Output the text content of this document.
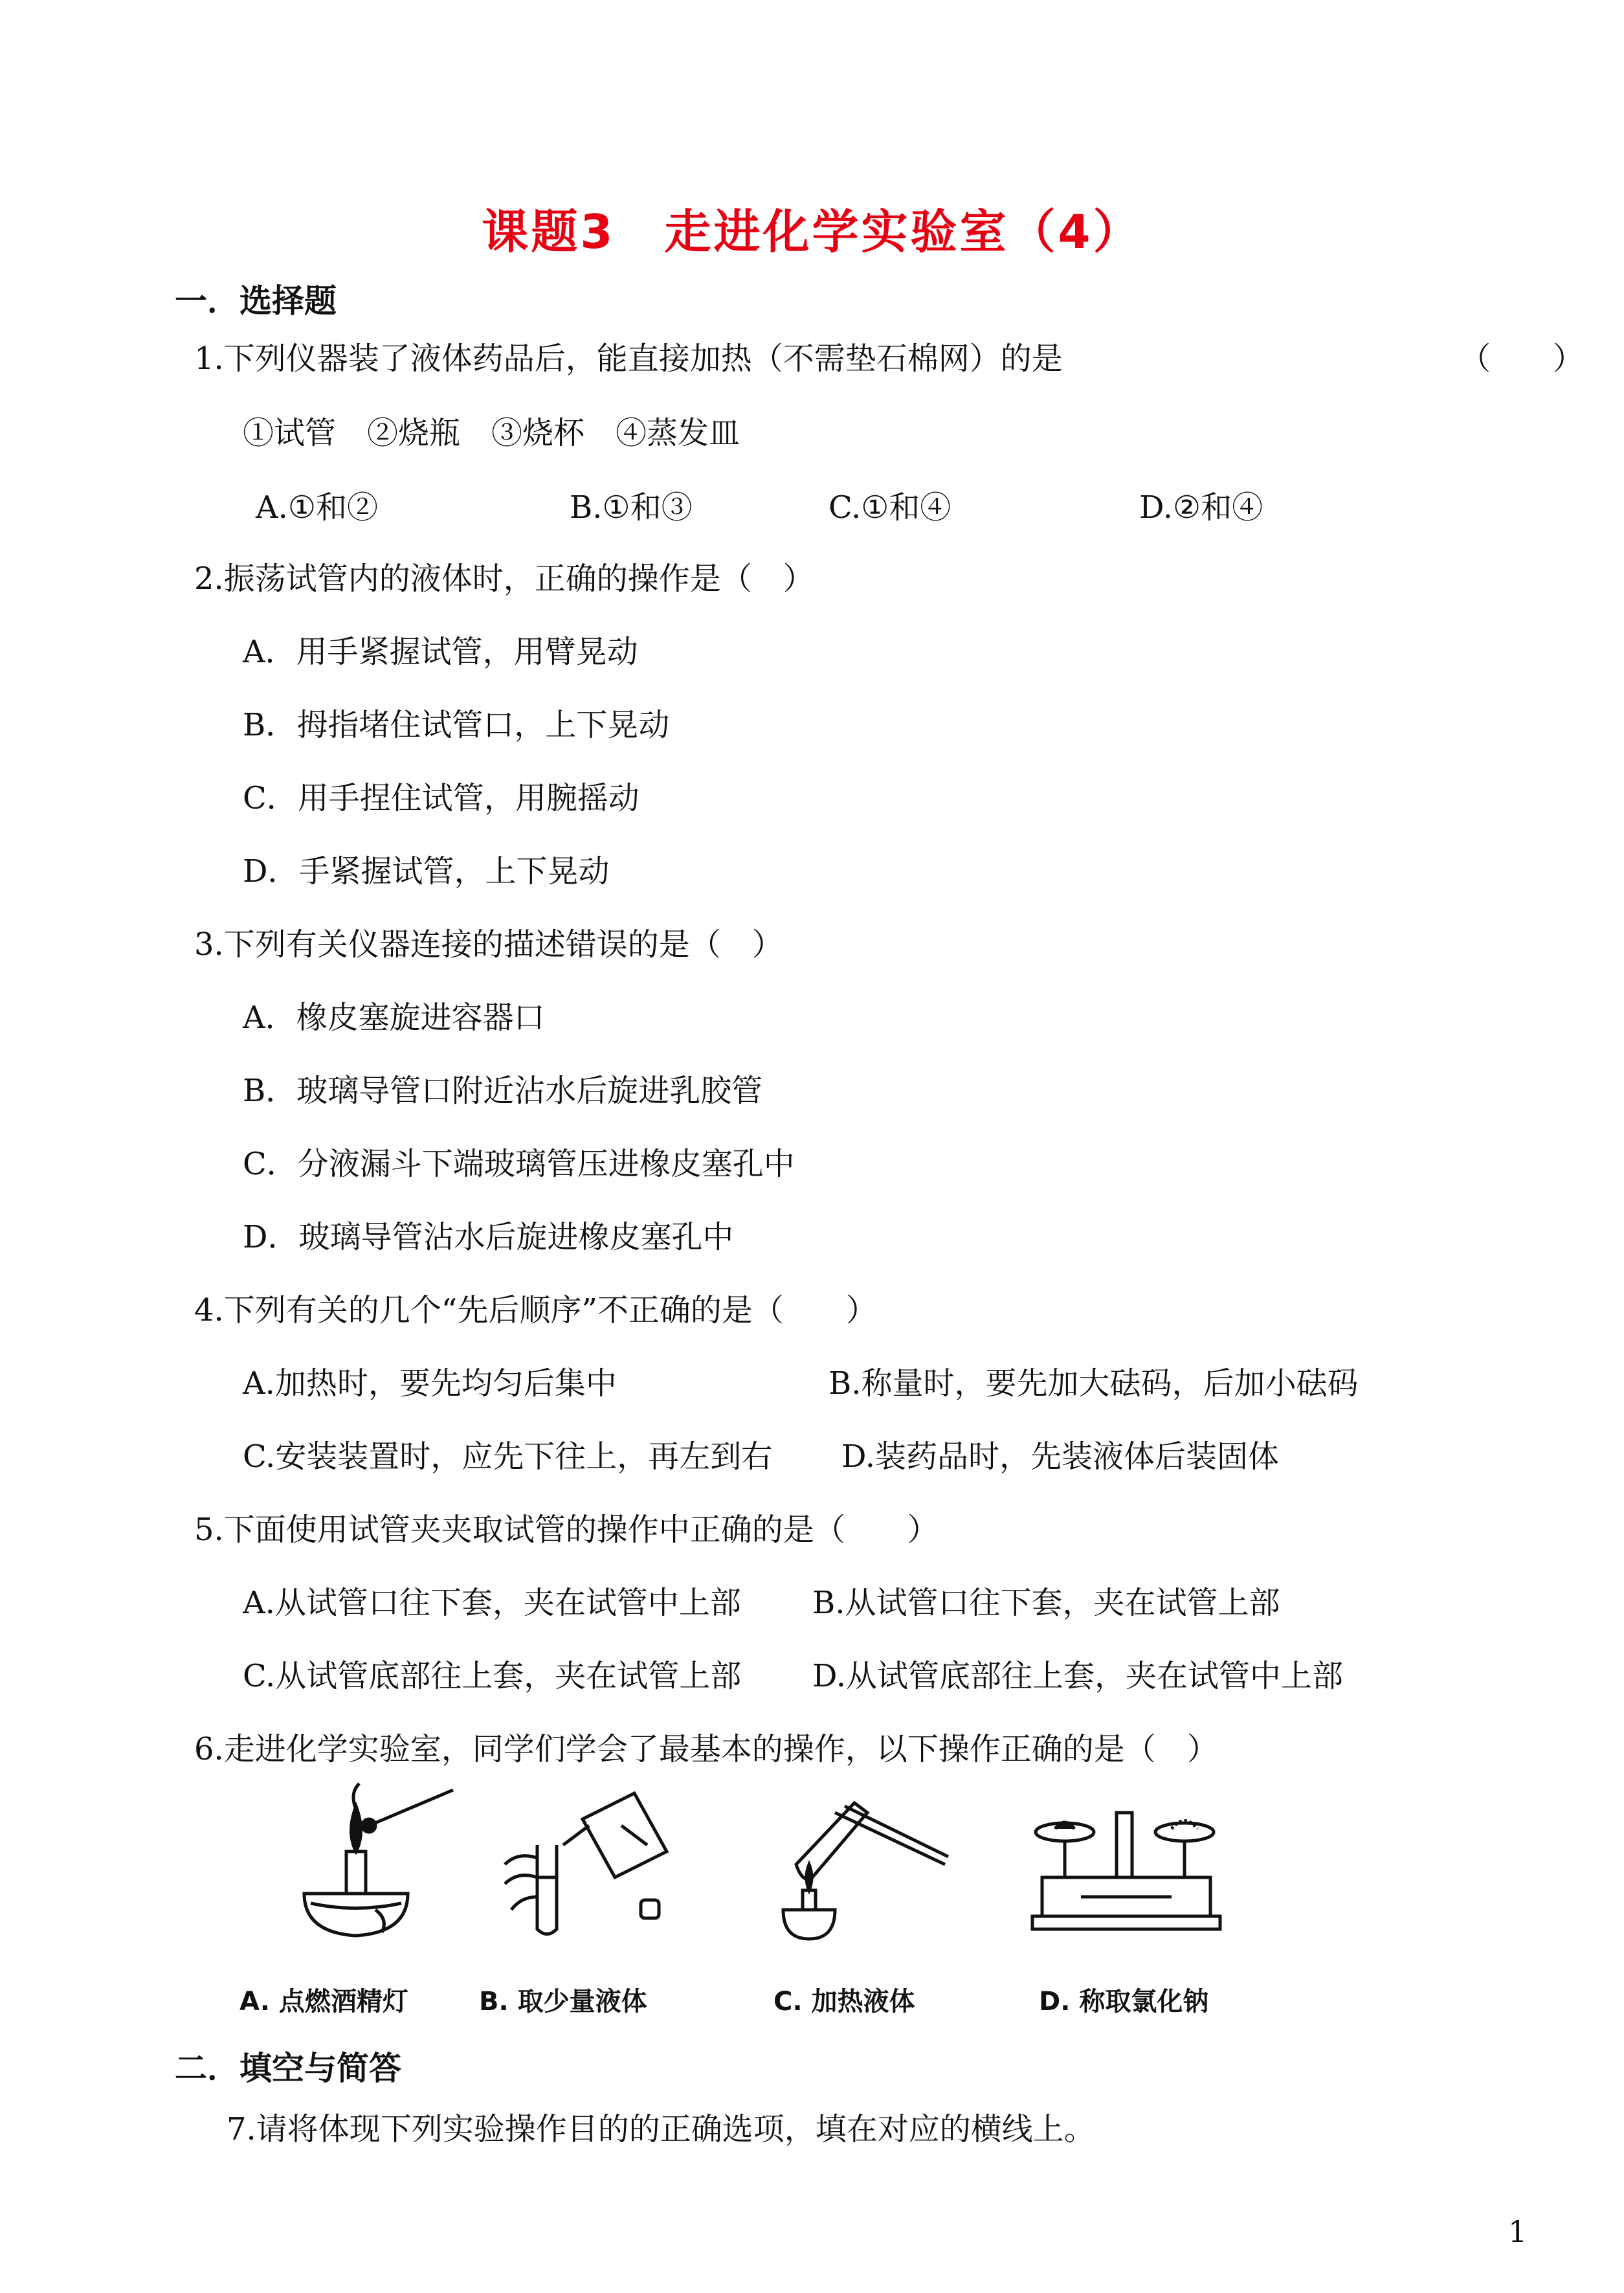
课题3　走进化学实验室（4）
一．选择题
1.下列仪器装了液体药品后，能直接加热（不需垫石棉网）的是	（　　）
①试管　②烧瓶　③烧杯　④蒸发皿
A.①和②	B.①和③	C.①和④	D.②和④
2.振荡试管内的液体时，正确的操作是（　）
A．用手紧握试管，用臂晃动
B．拇指堵住试管口，上下晃动
C．用手捏住试管，用腕摇动
D．手紧握试管，上下晃动
3.下列有关仪器连接的描述错误的是（　）
A．橡皮塞旋进容器口
B．玻璃导管口附近沾水后旋进乳胶管
C．分液漏斗下端玻璃管压进橡皮塞孔中
D．玻璃导管沾水后旋进橡皮塞孔中
4.下列有关的几个“先后顺序”不正确的是（　　）
A.加热时，要先均匀后集中	B.称量时，要先加大砝码，后加小砝码
C.安装装置时，应先下往上，再左到右 D.装药品时，先装液体后装固体
5.下面使用试管夹夹取试管的操作中正确的是（　　）
A.从试管口往下套，夹在试管中上部 B.从试管口往下套，夹在试管上部
C.从试管底部往上套，夹在试管上部 D.从试管底部往上套，夹在试管中上部
6.走进化学实验室，同学们学会了最基本的操作，以下操作正确的是（　）
A. 点燃酒精灯	B. 取少量液体	C. 加热液体	D. 称取氯化钠
二．填空与简答
7.请将体现下列实验操作目的的正确选项，填在对应的横线上。
1
